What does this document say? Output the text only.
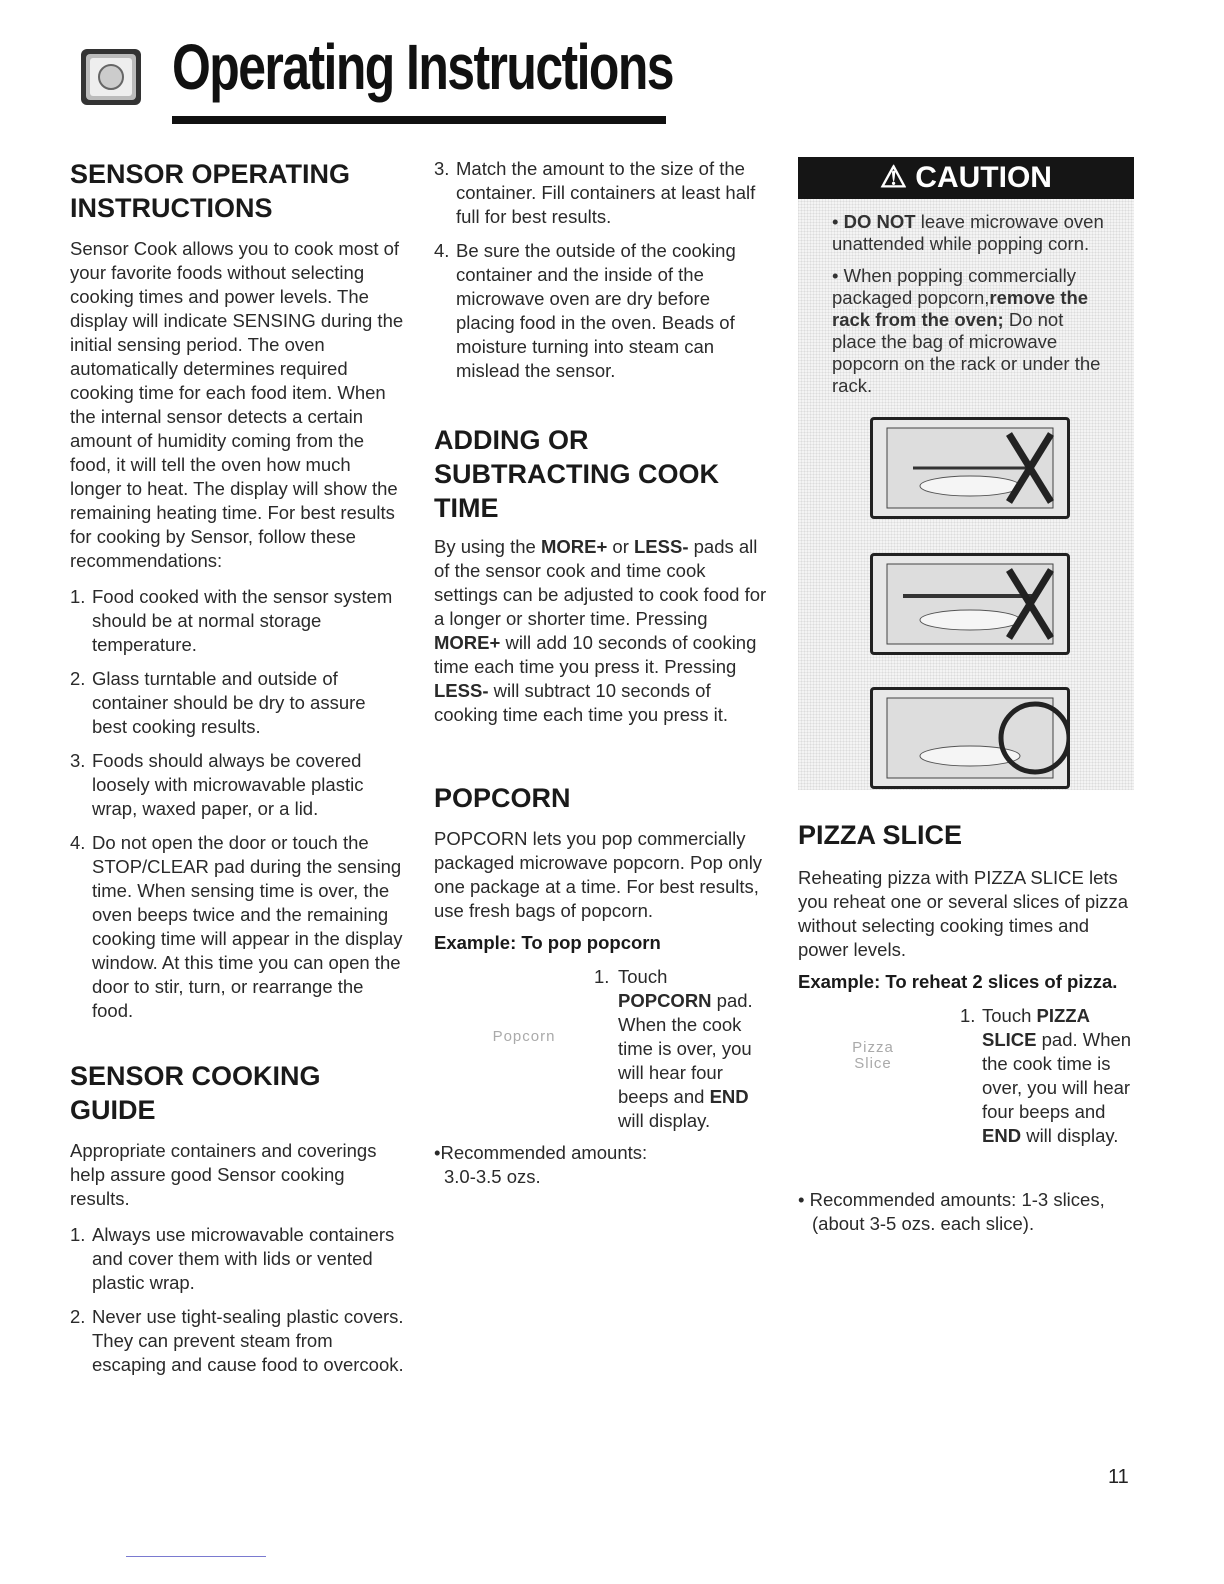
Operating Instructions
SENSOR OPERATING INSTRUCTIONS

Sensor Cook allows you to cook most of your favorite foods without selecting cooking times and power levels. The display will indicate SENSING during the initial sensing period. The oven automatically determines required cooking time for each food item. When the internal sensor detects a certain amount of humidity coming from the food, it will tell the oven how much longer to heat. The display will show the remaining heating time. For best results for cooking by Sensor, follow these recommendations:

1. Food cooked with the sensor system should be at normal storage temperature.
2. Glass turntable and outside of container should be dry to assure best cooking results.
3. Foods should always be covered loosely with microwavable plastic wrap, waxed paper, or a lid.
4. Do not open the door or touch the STOP/CLEAR pad during the sensing time. When sensing time is over, the oven beeps twice and the remaining cooking time will appear in the display window. At this time you can open the door to stir, turn, or rearrange the food.
SENSOR COOKING GUIDE

Appropriate containers and coverings help assure good Sensor cooking results.

1. Always use microwavable containers and cover them with lids or vented plastic wrap.
2. Never use tight-sealing plastic covers. They can prevent steam from escaping and cause food to overcook.
3. Match the amount to the size of the container. Fill containers at least half full for best results.
4. Be sure the outside of the cooking container and the inside of the microwave oven are dry before placing food in the oven. Beads of moisture turning into steam can mislead the sensor.
ADDING OR SUBTRACTING COOK TIME

By using the MORE+ or LESS- pads all of the sensor cook and time cook settings can be adjusted to cook food for a longer or shorter time. Pressing MORE+ will add 10 seconds of cooking time each time you press it. Pressing LESS- will subtract 10 seconds of cooking time each time you press it.

POPCORN

POPCORN lets you pop commercially packaged microwave popcorn. Pop only one package at a time. For best results, use fresh bags of popcorn.

Example: To pop popcorn
Popcorn
1. Touch
POPCORN pad. When the cook time is over, you will hear four beeps and END will display.
•Recommended amounts:
3.0-3.5 ozs.
⚠ CAUTION
• DO NOT leave microwave oven unattended while popping corn.
• When popping commercially packaged popcorn,remove the rack from the oven; Do not place the bag of microwave popcorn on the rack or under the rack.
PIZZA SLICE

Reheating pizza with PIZZA SLICE lets you reheat one or several slices of pizza without selecting cooking times and power levels.

Example: To reheat 2 slices of pizza.
Pizza
Slice
1. Touch PIZZA SLICE pad. When the cook time is over, you will hear four beeps and END will display.
• Recommended amounts: 1-3 slices, (about 3-5 ozs. each slice).
11
